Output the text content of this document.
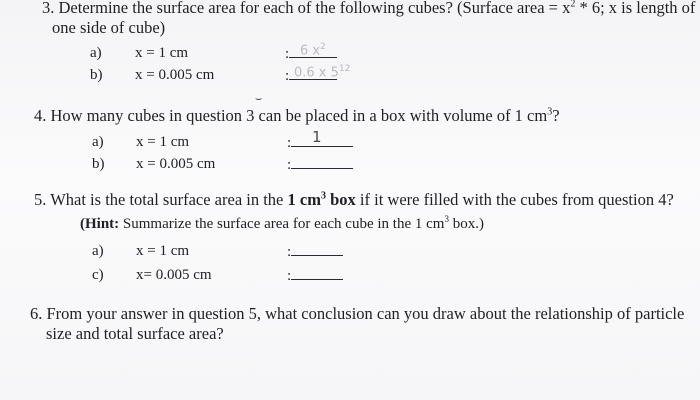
3. Determine the surface area for each of the following cubes? (Surface area = $x^2 * 6$; x is length of
one side of cube)
a) x = 1 cm	: 6 $x^2$
b) x = 0.005 cm	: 0.6 x $5^{12}$
⌣
4. How many cubes in question 3 can be placed in a box with volume of 1 $cm^3$?
a) x = 1 cm	:	1
b) x = 0.005 cm	:
5. What is the total surface area in the 1 $cm^3$ box if it were filled with the cubes from question 4?
(Hint: Summarize the surface area for each cube in the 1 $cm^3$ box.)
a) x = 1 cm	:
c) x= 0.005 cm	:
6. From your answer in question 5, what conclusion can you draw about the relationship of particle
size and total surface area?
